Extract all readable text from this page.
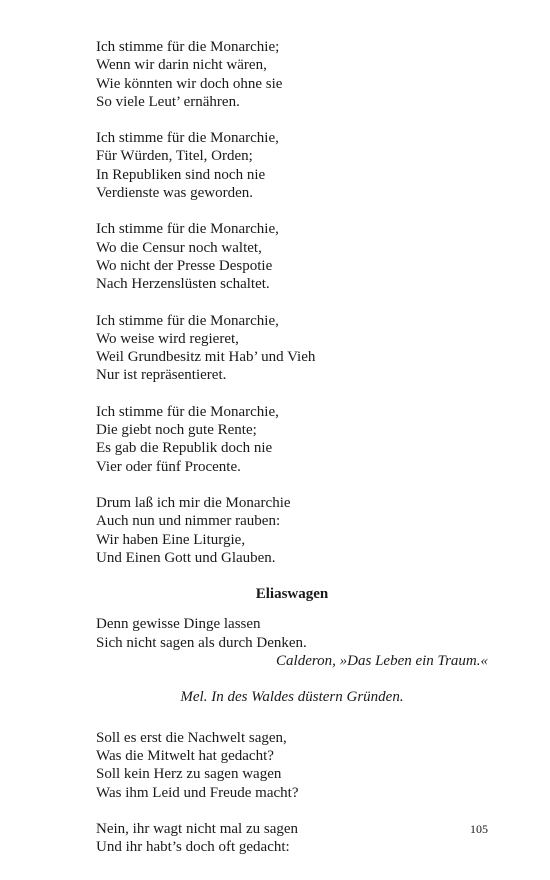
Ich stimme für die Monarchie;
Wenn wir darin nicht wären,
Wie könnten wir doch ohne sie
So viele Leut’ ernähren.
Ich stimme für die Monarchie,
Für Würden, Titel, Orden;
In Republiken sind noch nie
Verdienste was geworden.
Ich stimme für die Monarchie,
Wo die Censur noch waltet,
Wo nicht der Presse Despotie
Nach Herzenslüsten schaltet.
Ich stimme für die Monarchie,
Wo weise wird regieret,
Weil Grundbesitz mit Hab’ und Vieh
Nur ist repräsentieret.
Ich stimme für die Monarchie,
Die giebt noch gute Rente;
Es gab die Republik doch nie
Vier oder fünf Procente.
Drum laß ich mir die Monarchie
Auch nun und nimmer rauben:
Wir haben Eine Liturgie,
Und Einen Gott und Glauben.
Eliaswagen
Denn gewisse Dinge lassen
Sich nicht sagen als durch Denken.
Calderon, »Das Leben ein Traum.«
Mel. In des Waldes düstern Gründen.
Soll es erst die Nachwelt sagen,
Was die Mitwelt hat gedacht?
Soll kein Herz zu sagen wagen
Was ihm Leid und Freude macht?
Nein, ihr wagt nicht mal zu sagen
Und ihr habt’s doch oft gedacht:
105
